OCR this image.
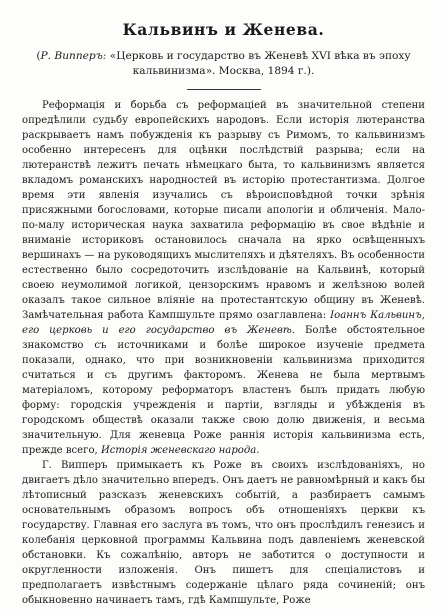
Кальвинъ и Женева.
(Р. Випперъ: «Церковь и государство въ Женевѣ XVI вѣка въ эпоху кальвинизма». Москва, 1894 г.).

Реформація и борьба съ реформаціей въ значительной степени опредѣлили судьбу европейскихъ народовъ. Если исторія лютеранства раскрываетъ намъ побужденія къ разрыву съ Римомъ, то кальвинизмъ особенно интересенъ для оцѣнки послѣдствій разрыва; если на лютеранствѣ лежитъ печать нѣмецкаго быта, то кальвинизмъ является вкладомъ романскихъ народностей въ исторію протестантизма. Долгое время эти явленія изучались съ вѣроисповѣдной точки зрѣнія присяжными богословами, которые писали апологіи и обличенія. Мало-по-малу историческая наука захватила реформацію въ свое вѣдѣніе и вниманіе историковъ остановилось сначала на ярко освѣщенныхъ вершинахъ — на руководящихъ мыслителяхъ и дѣятеляхъ. Въ особенности естественно было сосредоточить изслѣдованіе на Кальвинѣ, который своею неумолимой логикой, цензорскимъ нравомъ и желѣзною волей оказалъ такое сильное вліяніе на протестантскую общину въ Женевѣ. Замѣчательная работа Кампшульте прямо озаглавлена: Іоаннъ Кальвинъ, его церковь и его государство въ Женевѣ. Болѣе обстоятельное знакомство съ источниками и болѣе широкое изученіе предмета показали, однако, что при возникновеніи кальвинизма приходится считаться и съ другимъ факторомъ. Женева не была мертвымъ матеріаломъ, которому реформаторъ властенъ былъ придать любую форму: городскія учрежденія и партіи, взгляды и убѣжденія въ городскомъ обществѣ оказали также свою долю движенія, и весьма значительную. Для женевца Роже раннія исторія кальвинизма есть, прежде всего, Исторія женевскаго народа.

Г. Випперъ примыкаетъ къ Роже въ своихъ изслѣдованіяхъ, но двигаетъ дѣло значительно впередъ. Онъ даетъ не равномѣрный и какъ бы лѣтописный разсказъ женевскихъ событій, а разбираетъ самымъ основательнымъ образомъ вопросъ объ отношеніяхъ церкви къ государству. Главная его заслуга въ томъ, что онъ прослѣдилъ генезисъ и колебанія церковной программы Кальвина подъ давленіемъ женевской обстановки. Къ сожалѣнію, авторъ не заботится о доступности и округленности изложенія. Онъ пишетъ для спеціалистовъ и предполагаетъ извѣстнымъ содержаніе цѣлаго ряда сочиненій; онъ обыкновенно начинаетъ тамъ, гдѣ Кампшульте, Роже
